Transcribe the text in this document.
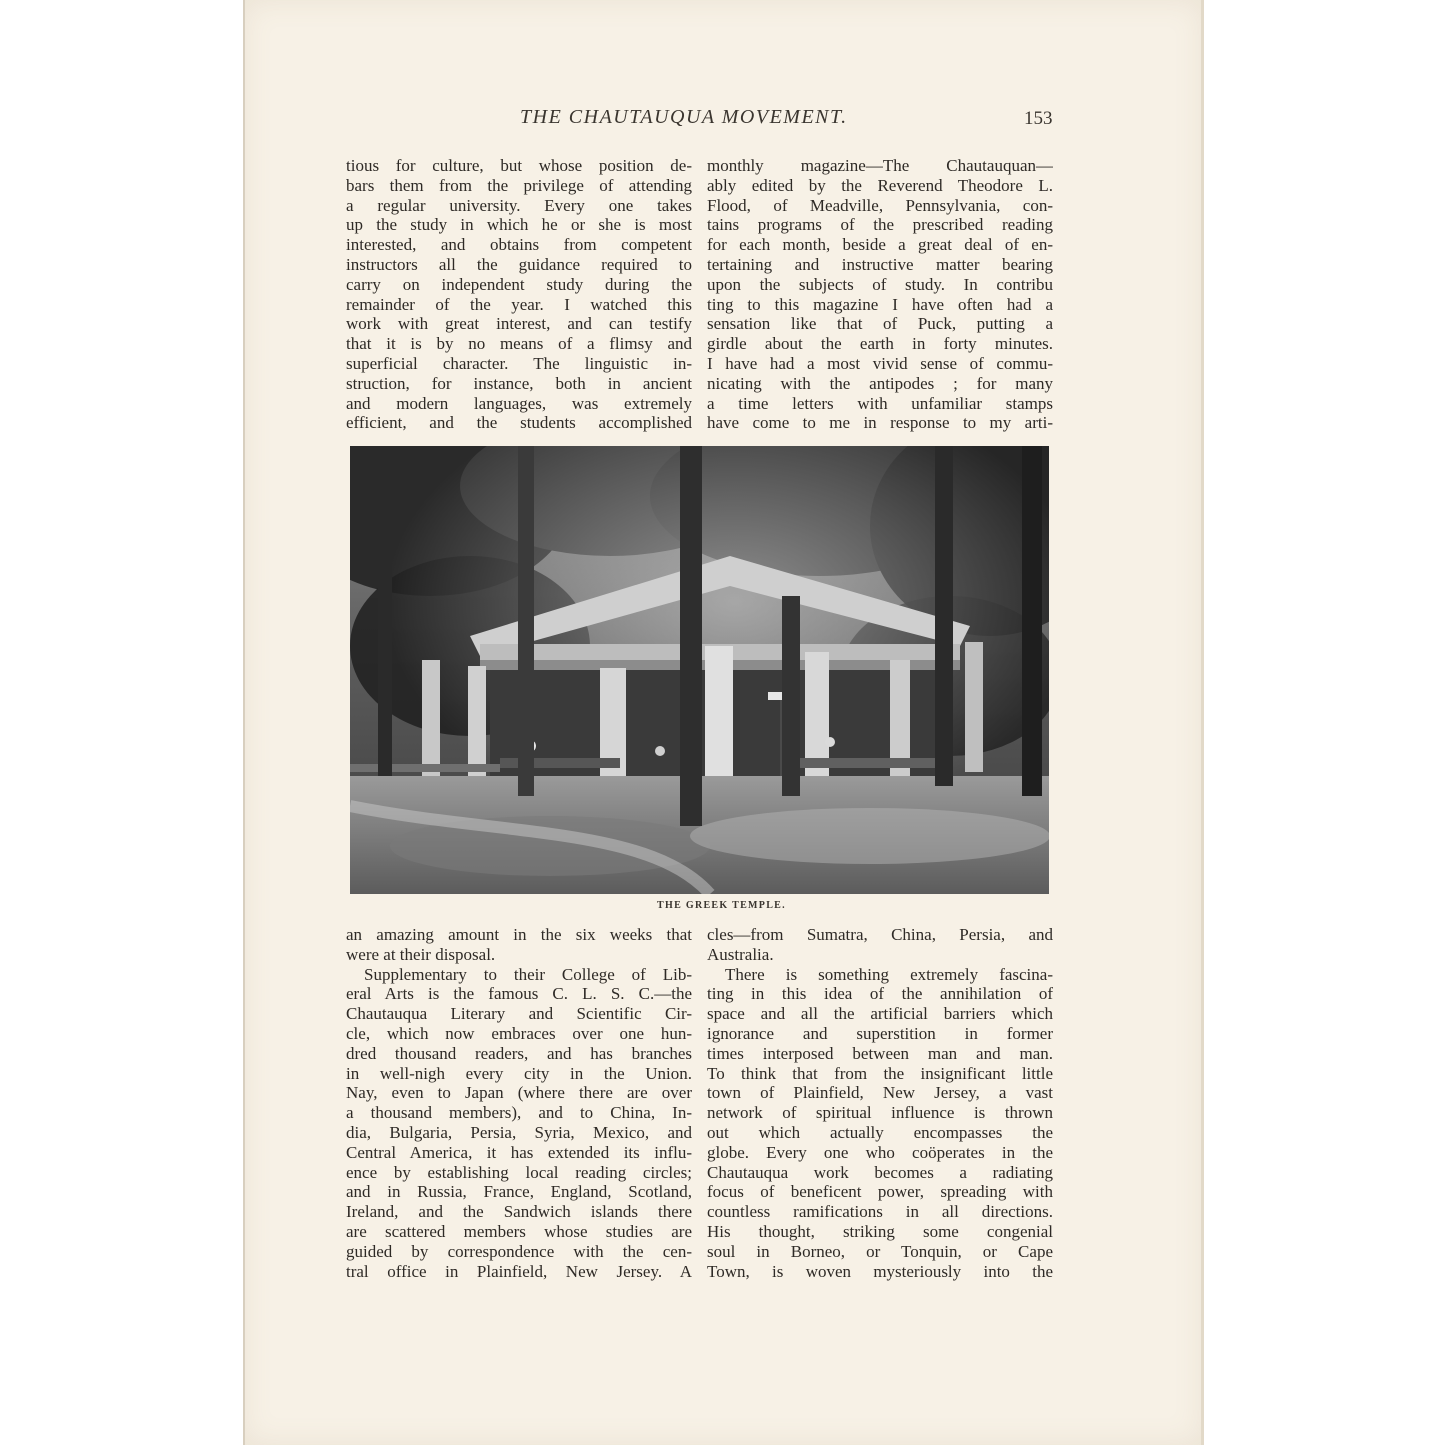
THE CHAUTAUQUA MOVEMENT.	153
tious for culture, but whose position de-
bars them from the privilege of attending
a regular university. Every one takes
up the study in which he or she is most
interested, and obtains from competent
instructors all the guidance required to
carry on independent study during the
remainder of the year. I watched this
work with great interest, and can testify
that it is by no means of a flimsy and
superficial character. The linguistic in-
struction, for instance, both in ancient
and modern languages, was extremely
efficient, and the students accomplished
monthly magazine—The Chautauquan—
ably edited by the Reverend Theodore L.
Flood, of Meadville, Pennsylvania, con-
tains programs of the prescribed reading
for each month, beside a great deal of en-
tertaining and instructive matter bearing
upon the subjects of study. In contribu
ting to this magazine I have often had a
sensation like that of Puck, putting a
girdle about the earth in forty minutes.
I have had a most vivid sense of commu-
nicating with the antipodes ; for many
a time letters with unfamiliar stamps
have come to me in response to my arti-
THE GREEK TEMPLE.
an amazing amount in the six weeks that
were at their disposal.
Supplementary to their College of Lib-
eral Arts is the famous C. L. S. C.—the
Chautauqua Literary and Scientific Cir-
cle, which now embraces over one hun-
dred thousand readers, and has branches
in well-nigh every city in the Union.
Nay, even to Japan (where there are over
a thousand members), and to China, In-
dia, Bulgaria, Persia, Syria, Mexico, and
Central America, it has extended its influ-
ence by establishing local reading circles;
and in Russia, France, England, Scotland,
Ireland, and the Sandwich islands there
are scattered members whose studies are
guided by correspondence with the cen-
tral office in Plainfield, New Jersey. A
cles—from Sumatra, China, Persia, and
Australia.
There is something extremely fascina-
ting in this idea of the annihilation of
space and all the artificial barriers which
ignorance and superstition in former
times interposed between man and man.
To think that from the insignificant little
town of Plainfield, New Jersey, a vast
network of spiritual influence is thrown
out which actually encompasses the
globe. Every one who coöperates in the
Chautauqua work becomes a radiating
focus of beneficent power, spreading with
countless ramifications in all directions.
His thought, striking some congenial
soul in Borneo, or Tonquin, or Cape
Town, is woven mysteriously into the
